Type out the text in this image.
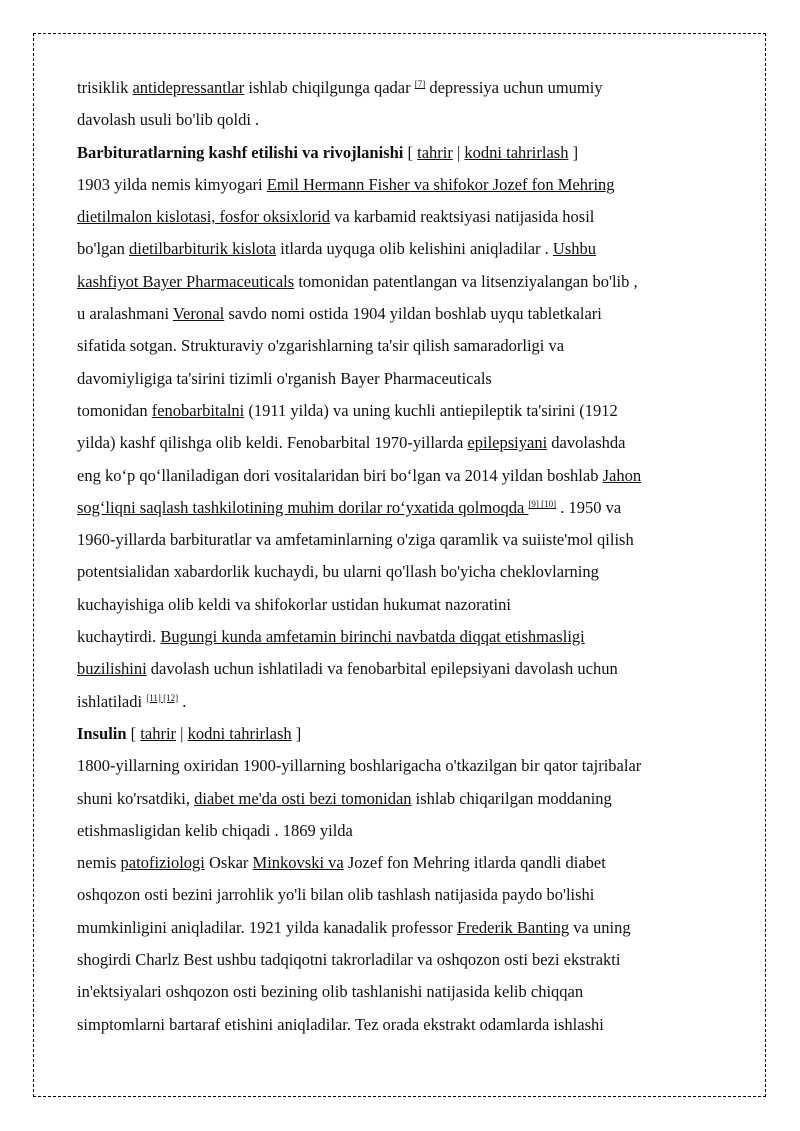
trisiklik antidepressantlar ishlab chiqilgunga qadar [7] depressiya uchun umumiy
davolash usuli bo'lib qoldi .
Barbituratlarning kashf etilishi va rivojlanishi [ tahrir | kodni tahrirlash ]
1903 yilda nemis kimyogari Emil Hermann Fisher va shifokor Jozef fon Mehring
dietilmalon kislotasi, fosfor oksixlorid va karbamid reaktsiyasi natijasida hosil
bo'lgan dietilbarbiturik kislota itlarda uyquga olib kelishini aniqladilar . Ushbu
kashfiyot Bayer Pharmaceuticals tomonidan patentlangan va litsenziyalangan bo'lib ,
u aralashmani Veronal savdo nomi ostida 1904 yildan boshlab uyqu tabletkalari
sifatida sotgan. Strukturaviy o'zgarishlarning ta'sir qilish samaradorligi va
davomiyligiga ta'sirini tizimli o'rganish Bayer Pharmaceuticals
tomonidan fenobarbitalni (1911 yilda) va uning kuchli antiepileptik ta'sirini (1912
yilda) kashf qilishga olib keldi. Fenobarbital 1970-yillarda epilepsiyani davolashda
eng ko‘p qo‘llaniladigan dori vositalaridan biri bo‘lgan va 2014 yildan boshlab Jahon
sog‘liqni saqlash tashkilotining muhim dorilar ro‘yxatida qolmoqda [9] [10] . 1950 va
1960-yillarda barbituratlar va amfetaminlarning o'ziga qaramlik va suiiste'mol qilish
potentsialidan xabardorlik kuchaydi, bu ularni qo'llash bo'yicha cheklovlarning
kuchayishiga olib keldi va shifokorlar ustidan hukumat nazoratini
kuchaytirdi. Bugungi kunda amfetamin birinchi navbatda diqqat etishmasligi
buzilishini davolash uchun ishlatiladi va fenobarbital epilepsiyani davolash uchun
ishlatiladi [11] [12] .
Insulin [ tahrir | kodni tahrirlash ]
1800-yillarning oxiridan 1900-yillarning boshlarigacha o'tkazilgan bir qator tajribalar
shuni ko'rsatdiki, diabet me'da osti bezi tomonidan ishlab chiqarilgan moddaning
etishmasligidan kelib chiqadi . 1869 yilda
nemis patofiziologi Oskar Minkovski va Jozef fon Mehring itlarda qandli diabet
oshqozon osti bezini jarrohlik yo'li bilan olib tashlash natijasida paydo bo'lishi
mumkinligini aniqladilar. 1921 yilda kanadalik professor Frederik Banting va uning
shogirdi Charlz Best ushbu tadqiqotni takrorladilar va oshqozon osti bezi ekstrakti
in'ektsiyalari oshqozon osti bezining olib tashlanishi natijasida kelib chiqqan
simptomlarni bartaraf etishini aniqladilar. Tez orada ekstrakt odamlarda ishlashi
